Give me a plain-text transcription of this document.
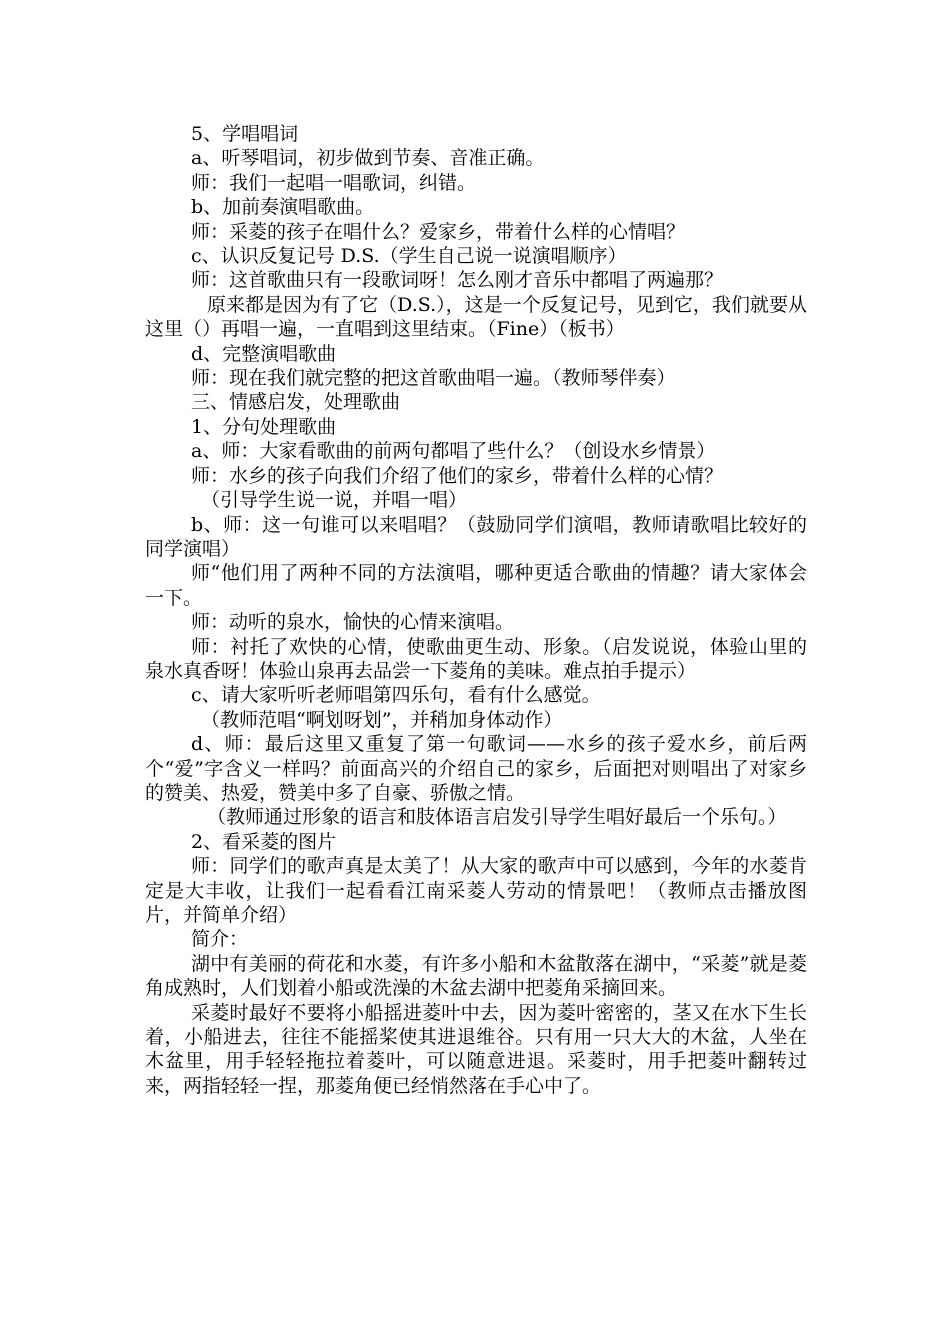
5、学唱唱词

a、听琴唱词，初步做到节奏、音准正确。

师：我们一起唱一唱歌词，纠错。

b、加前奏演唱歌曲。

师：采菱的孩子在唱什么？爱家乡，带着什么样的心情唱？

c、认识反复记号 D.S.（学生自己说一说演唱顺序）

师：这首歌曲只有一段歌词呀！怎么刚才音乐中都唱了两遍那？

原来都是因为有了它（D.S.），这是一个反复记号，见到它，我们就要从这里（）再唱一遍，一直唱到这里结束。（Fine）（板书）

d、完整演唱歌曲

师：现在我们就完整的把这首歌曲唱一遍。（教师琴伴奏）

三、情感启发，处理歌曲

1、分句处理歌曲

a、师：大家看歌曲的前两句都唱了些什么？（创设水乡情景）

师：水乡的孩子向我们介绍了他们的家乡，带着什么样的心情？

（引导学生说一说，并唱一唱）

b、师：这一句谁可以来唱唱？（鼓励同学们演唱，教师请歌唱比较好的同学演唱）

师“他们用了两种不同的方法演唱，哪种更适合歌曲的情趣？请大家体会一下。

师：动听的泉水，愉快的心情来演唱。

师：衬托了欢快的心情，使歌曲更生动、形象。（启发说说，体验山里的泉水真香呀！体验山泉再去品尝一下菱角的美味。难点拍手提示）

c、请大家听听老师唱第四乐句，看有什么感觉。

（教师范唱“啊划呀划”，并稍加身体动作）

d、师：最后这里又重复了第一句歌词——水乡的孩子爱水乡，前后两个“爱”字含义一样吗？前面高兴的介绍自己的家乡，后面把对则唱出了对家乡的赞美、热爱，赞美中多了自豪、骄傲之情。

（教师通过形象的语言和肢体语言启发引导学生唱好最后一个乐句。）

2、看采菱的图片

师：同学们的歌声真是太美了！从大家的歌声中可以感到，今年的水菱肯定是大丰收，让我们一起看看江南采菱人劳动的情景吧！（教师点击播放图片，并简单介绍）

简介：

湖中有美丽的荷花和水菱，有许多小船和木盆散落在湖中，“采菱”就是菱角成熟时，人们划着小船或洗澡的木盆去湖中把菱角采摘回来。

采菱时最好不要将小船摇进菱叶中去，因为菱叶密密的，茎又在水下生长着，小船进去，往往不能摇桨使其进退维谷。只有用一只大大的木盆，人坐在木盆里，用手轻轻拖拉着菱叶，可以随意进退。采菱时，用手把菱叶翻转过来，两指轻轻一捏，那菱角便已经悄然落在手心中了。
